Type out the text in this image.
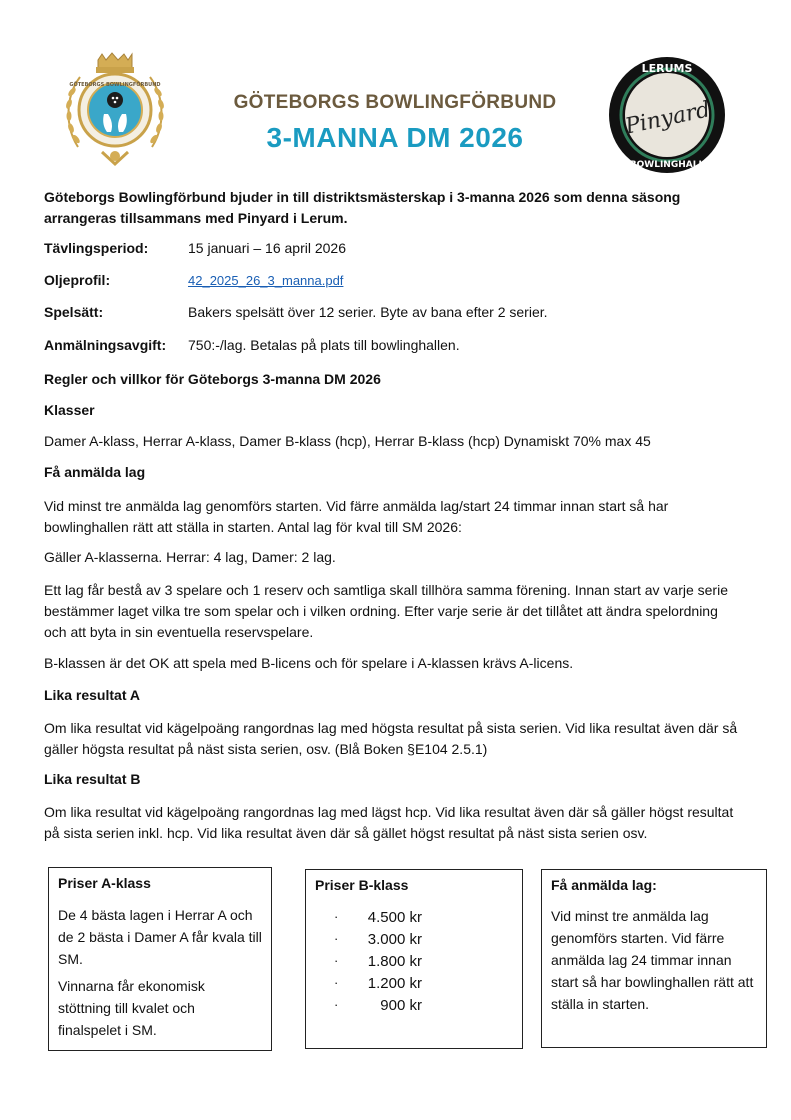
GÖTEBORGS BOWLINGFÖRBUND
GÖTEBORGS BOWLINGFÖRBUND
3-MANNA DM 2026
LERUMS
Pinyard
BOWLINGHALL
Göteborgs Bowlingförbund bjuder in till distriktsmästerskap i 3-manna 2026 som denna säsong arrangeras tillsammans med Pinyard i Lerum.
Tävlingsperiod:	15 januari – 16 april 2026
Oljeprofil:	42_2025_26_3_manna.pdf
Spelsätt:	Bakers spelsätt över 12 serier. Byte av bana efter 2 serier.
Anmälningsavgift: 750:-/lag. Betalas på plats till bowlinghallen.
Regler och villkor för Göteborgs 3-manna DM 2026
Klasser
Damer A-klass, Herrar A-klass, Damer B-klass (hcp), Herrar B-klass (hcp) Dynamiskt 70% max 45
Få anmälda lag
Vid minst tre anmälda lag genomförs starten. Vid färre anmälda lag/start 24 timmar innan start så har bowlinghallen rätt att ställa in starten. Antal lag för kval till SM 2026:
Gäller A-klasserna. Herrar: 4 lag, Damer: 2 lag.
Ett lag får bestå av 3 spelare och 1 reserv och samtliga skall tillhöra samma förening. Innan start av varje serie bestämmer laget vilka tre som spelar och i vilken ordning. Efter varje serie är det tillåtet att ändra spelordning och att byta in sin eventuella reservspelare.
B-klassen är det OK att spela med B-licens och för spelare i A-klassen krävs A-licens.
Lika resultat A
Om lika resultat vid kägelpoäng rangordnas lag med högsta resultat på sista serien. Vid lika resultat även där så gäller högsta resultat på näst sista serien, osv. (Blå Boken §E104 2.5.1)
Lika resultat B
Om lika resultat vid kägelpoäng rangordnas lag med lägst hcp. Vid lika resultat även där så gäller högst resultat på sista serien inkl. hcp. Vid lika resultat även där så gället högst resultat på näst sista serien osv.
Priser A-klass
De 4 bästa lagen i Herrar A och de 2 bästa i Damer A får kvala till SM.
Vinnarna får ekonomisk stöttning till kvalet och finalspelet i SM.
Priser B-klass
· 4.500 kr
· 3.000 kr
· 1.800 kr
· 1.200 kr
·	900 kr
Få anmälda lag:
Vid minst tre anmälda lag genomförs starten. Vid färre anmälda lag 24 timmar innan start så har bowlinghallen rätt att ställa in starten.
